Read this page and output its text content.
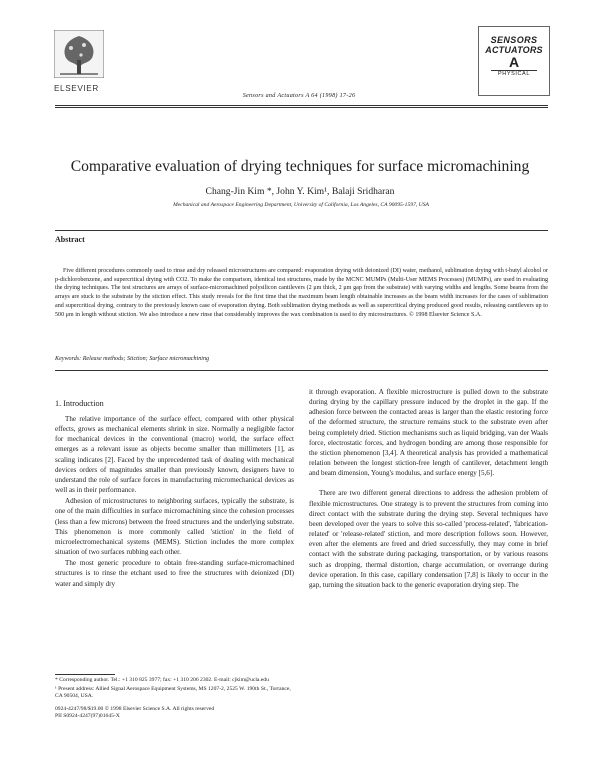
ELSEVIER
Sensors and Actuators A 64 (1998) 17-26
SENSORS
ACTUATORS
A
PHYSICAL
Comparative evaluation of drying techniques for surface micromachining
Chang-Jin Kim *, John Y. Kim¹, Balaji Sridharan
Mechanical and Aerospace Engineering Department, University of California, Los Angeles, CA 90095-1597, USA
Abstract
Five different procedures commonly used to rinse and dry released microstructures are compared: evaporation drying with deionized (DI) water, methanol, sublimation drying with t-butyl alcohol or p-dichlorobenzene, and supercritical drying with CO2. To make the comparison, identical test structures, made by the MCNC MUMPs (Multi-User MEMS Processes) (MUMPs), are used in evaluating the drying techniques. The test structures are arrays of surface-micromachined polysilicon cantilevers (2 μm thick, 2 μm gap from the substrate) with varying widths and lengths. Some beams from the arrays are stuck to the substrate by the stiction effect. This study reveals for the first time that the maximum beam length obtainable increases as the beam width increases for the cases of sublimation and supercritical drying, contrary to the previously known case of evaporation drying. Both sublimation drying methods as well as supercritical drying produced good results, releasing cantilevers up to 500 μm in length without stiction. We also introduce a new rinse that considerably improves the wax combination is used to dry microstructures. © 1998 Elsevier Science S.A.
Keywords: Release methods; Stiction; Surface micromachining
1. Introduction

The relative importance of the surface effect, compared with other physical effects, grows as mechanical elements shrink in size. Normally a negligible factor for mechanical devices in the conventional (macro) world, the surface effect emerges as a relevant issue as objects become smaller than millimeters [1], as scaling indicates [2]. Faced by the unprecedented task of dealing with mechanical devices orders of magnitudes smaller than previously known, designers have to understand the role of surface forces in manufacturing micromechanical devices as well as in their performance.

Adhesion of microstructures to neighboring surfaces, typically the substrate, is one of the main difficulties in surface micromachining since the cohesion processes (less than a few microns) between the freed structures and the underlying substrate. This phenomenon is more commonly called 'stiction' in the field of microelectromechanical systems (MEMS). Stiction includes the more complex situation of two surfaces rubbing each other.

The most generic procedure to obtain free-standing surface-micromachined structures is to rinse the etchant used to free the structures with deionized (DI) water and simply dry

* Corresponding author. Tel.: +1 310 825 3977; fax: +1 310 206 2302. E-mail: cjkim@ucla.edu
¹ Present address: Allied Signal Aerospace Equipment Systems, MS 1207-2, 2525 W. 190th St., Torrance, CA 90504, USA.
0924-4247/98/$19.00 © 1998 Elsevier Science S.A. All rights reserved
PII S0924-4247(97)01645-X

it through evaporation. A flexible microstructure is pulled down to the substrate during drying by the capillary pressure induced by the droplet in the gap. If the adhesion force between the contacted areas is larger than the elastic restoring force of the deformed structure, the structure remains stuck to the substrate even after being completely dried. Stiction mechanisms such as liquid bridging, van der Waals force, electrostatic forces, and hydrogen bonding are among those responsible for the stiction phenomenon [3,4]. A theoretical analysis has provided a mathematical relation between the longest stiction-free length of cantilever, detachment length and beam dimension, Young's modulus, and surface energy [5,6].

There are two different general directions to address the adhesion problem of flexible microstructures. One strategy is to prevent the structures from coming into direct contact with the substrate during the drying step. Several techniques have been developed over the years to solve this so-called 'process-related', 'fabrication-related' or 'release-related' stiction, and more description follows soon. However, even after the elements are freed and dried successfully, they may come in brief contact with the substrate during packaging, transportation, or by various reasons such as dropping, thermal distortion, charge accumulation, or overrange during device operation. In this case, capillary condensation [7,8] is likely to occur in the gap, turning the situation back to the generic evaporation drying step. The
